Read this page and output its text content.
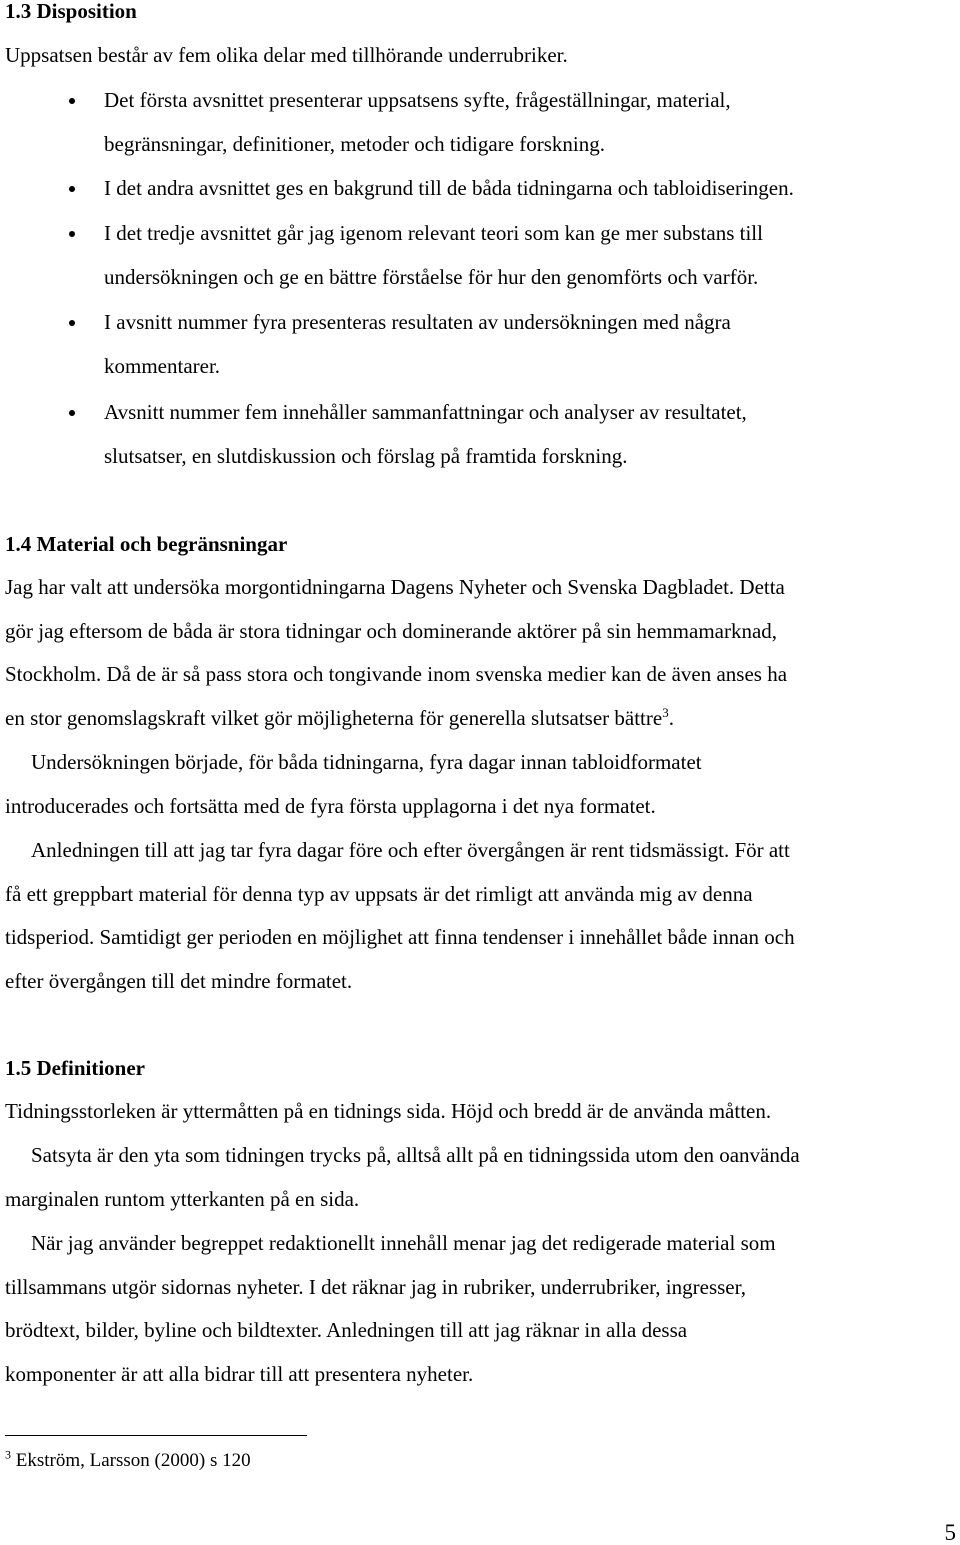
1.3 Disposition

Uppsatsen består av fem olika delar med tillhörande underrubriker.

Det första avsnittet presenterar uppsatsens syfte, frågeställningar, material,

begränsningar, definitioner, metoder och tidigare forskning.

I det andra avsnittet ges en bakgrund till de båda tidningarna och tabloidiseringen.

I det tredje avsnittet går jag igenom relevant teori som kan ge mer substans till

undersökningen och ge en bättre förståelse för hur den genomförts och varför.

I avsnitt nummer fyra presenteras resultaten av undersökningen med några

kommentarer.

Avsnitt nummer fem innehåller sammanfattningar och analyser av resultatet,

slutsatser, en slutdiskussion och förslag på framtida forskning.

1.4 Material och begränsningar

Jag har valt att undersöka morgontidningarna Dagens Nyheter och Svenska Dagbladet. Detta

gör jag eftersom de båda är stora tidningar och dominerande aktörer på sin hemmamarknad,

Stockholm. Då de är så pass stora och tongivande inom svenska medier kan de även anses ha

en stor genomslagskraft vilket gör möjligheterna för generella slutsatser bättre$^3$.

Undersökningen började, för båda tidningarna, fyra dagar innan tabloidformatet

introducerades och fortsätta med de fyra första upplagorna i det nya formatet.

Anledningen till att jag tar fyra dagar före och efter övergången är rent tidsmässigt. För att

få ett greppbart material för denna typ av uppsats är det rimligt att använda mig av denna

tidsperiod. Samtidigt ger perioden en möjlighet att finna tendenser i innehållet både innan och

efter övergången till det mindre formatet.

1.5 Definitioner

Tidningsstorleken är yttermåtten på en tidnings sida. Höjd och bredd är de använda måtten.

Satsyta är den yta som tidningen trycks på, alltså allt på en tidningssida utom den oanvända

marginalen runtom ytterkanten på en sida.

När jag använder begreppet redaktionellt innehåll menar jag det redigerade material som

tillsammans utgör sidornas nyheter. I det räknar jag in rubriker, underrubriker, ingresser,

brödtext, bilder, byline och bildtexter. Anledningen till att jag räknar in alla dessa

komponenter är att alla bidrar till att presentera nyheter.

$^3$ Ekström, Larsson (2000) s 120

5
